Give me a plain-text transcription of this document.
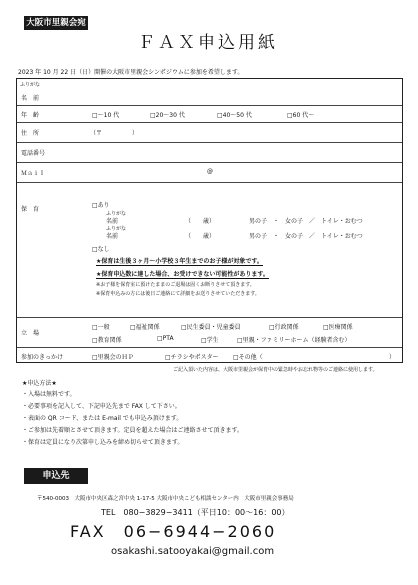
大阪市里親会宛
ＦＡＸ申込用紙
2023 年 10 月 22 日（日）開催の大阪市里親会シンポジウムに参加を希望します。
ふりがな
名　前
年　齢	□〜10 代	□20〜30 代	□40〜50 代	□60 代〜
住　所	（〒　　　　　）
電話番号
Ｍａｉｌ	@
保　育
□あり
ふりがな
名前	（　　歳）	男の子　・　女の子　／　トイレ・おむつ
ふりがな
名前	（　　歳）	男の子　・　女の子　／　トイレ・おむつ
□なし
★保育は生後３ヶ月〜小学校３年生までのお子様が対象です。
★保育申込数に達した場合、お受けできない可能性があります。
※お子様を保育室に預けたままのご退場は固くお断りさせて頂きます。
※保育申込みの方には後日ご連絡にて詳細をお送りさせていただきます。
立　場
□一般	□福祉関係	□民生委員・児童委員	□行政関係	□医療関係
□教育関係	□PTA	□学生	□里親・ファミリーホーム（経験者含む）
参加のきっかけ	□里親会のＨＰ	□チラシやポスター □その他（	）
ご記入頂いた内容は、大阪市里親会が保育中の緊急時やお忘れ物等のご連絡に使用します。
★申込方法★
・入場は無料です。
・必要事項を記入して、下記申込先まで FAX して下さい。
・表面の QR コード、または E-mail でも申込み頂けます。
・ご参加は先着順とさせて頂きます。定員を超えた場合はご連絡させて頂きます。
・保育は定員になり次第申し込みを締め切らせて頂きます。
申込先
〒540-0003　大阪市中央区森之宮中央 1-17-5 大阪市中央こども相談センター内　大阪市里親会事務局
TEL　080−3829−3411（平日10：00〜16：00）
FAX　06−6944−2060
osakashi.satooyakai@gmail.com
